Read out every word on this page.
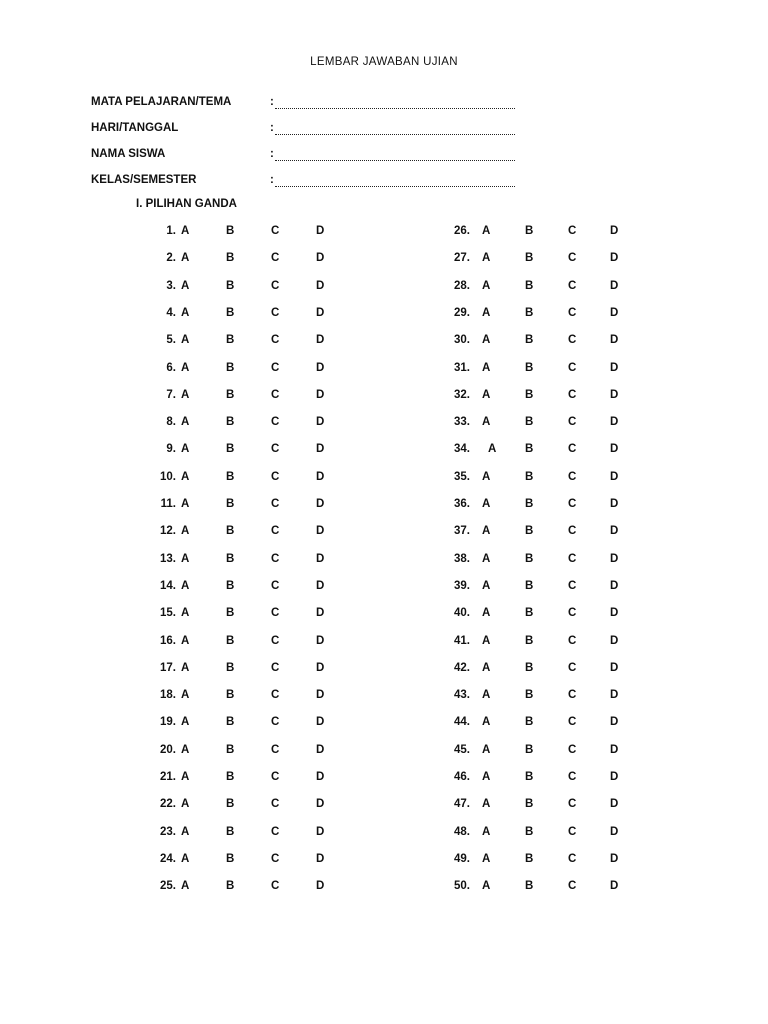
LEMBAR JAWABAN UJIAN
MATA PELAJARAN/TEMA	:
HARI/TANGGAL	:
NAMA SISWA	:
KELAS/SEMESTER	:
I. PILIHAN GANDA
1. A	B	C	D
2. A	B	C	D
3. A	B	C	D
4. A	B	C	D
5. A	B	C	D
6. A	B	C	D
7. A	B	C	D
8. A	B	C	D
9. A	B	C	D
10. A	B	C	D
11. A	B	C	D
12. A	B	C	D
13. A	B	C	D
14. A	B	C	D
15. A	B	C	D
16. A	B	C	D
17. A	B	C	D
18. A	B	C	D
19. A	B	C	D
20. A	B	C	D
21. A	B	C	D
22. A	B	C	D
23. A	B	C	D
24. A	B	C	D
25. A	B	C	D
26. A	B	C	D
27. A	B	C	D
28. A	B	C	D
29. A	B	C	D
30. A	B	C	D
31. A	B	C	D
32. A	B	C	D
33. A	B	C	D
34. A B	C	D
35. A	B	C	D
36. A	B	C	D
37. A	B	C	D
38. A	B	C	D
39. A	B	C	D
40. A	B	C	D
41. A	B	C	D
42. A	B	C	D
43. A	B	C	D
44. A	B	C	D
45. A	B	C	D
46. A	B	C	D
47. A	B	C	D
48. A	B	C	D
49. A	B	C	D
50. A	B	C	D
